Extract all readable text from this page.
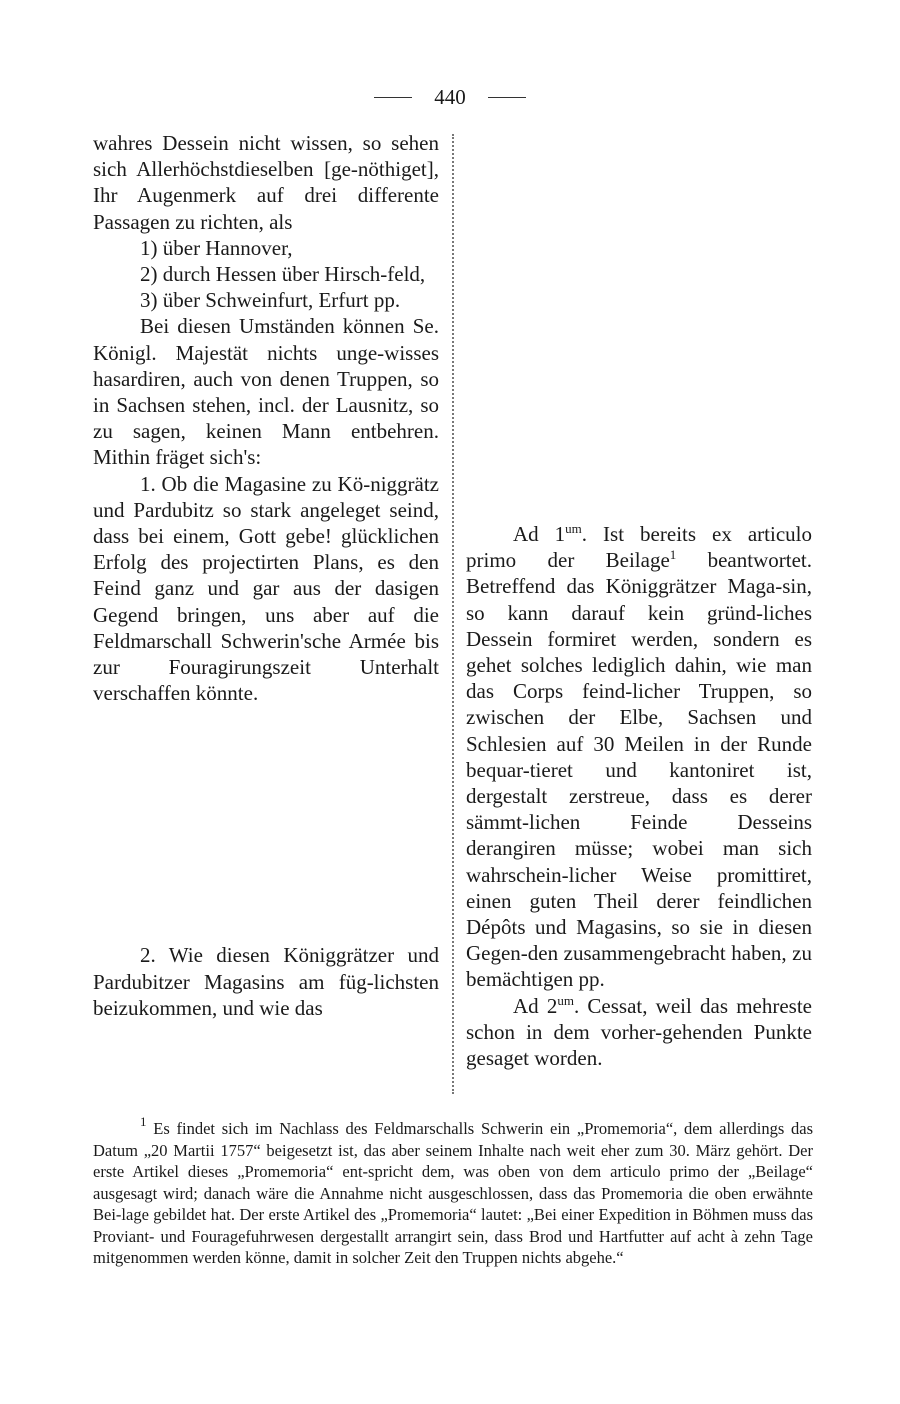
440

wahres Dessein nicht wissen, so sehen sich Allerhöchstdieselben [ge-nöthiget], Ihr Augenmerk auf drei differente Passagen zu richten, als

1) über Hannover,

2) durch Hessen über Hirsch-feld,

3) über Schweinfurt, Erfurt pp.

Bei diesen Umständen können Se. Königl. Majestät nichts unge-wisses hasardiren, auch von denen Truppen, so in Sachsen stehen, incl. der Lausnitz, so zu sagen, keinen Mann entbehren. Mithin fräget sich's:

1. Ob die Magasine zu Kö-niggrätz und Pardubitz so stark angeleget seind, dass bei einem, Gott gebe! glücklichen Erfolg des projectirten Plans, es den Feind ganz und gar aus der dasigen Gegend bringen, uns aber auf die Feldmarschall Schwerin'sche Armée bis zur Fouragirungszeit Unterhalt verschaffen könnte.

2. Wie diesen Königgrätzer und Pardubitzer Magasins am füg-lichsten beizukommen, und wie das

Ad $1^{um}$. Ist bereits ex articulo primo der Beilage$^1$ beantwortet. Betreffend das Königgrätzer Maga-sin, so kann darauf kein gründ-liches Dessein formiret werden, sondern es gehet solches lediglich dahin, wie man das Corps feind-licher Truppen, so zwischen der Elbe, Sachsen und Schlesien auf 30 Meilen in der Runde bequar-tieret und kantoniret ist, dergestalt zerstreue, dass es derer sämmt-lichen Feinde Desseins derangiren müsse; wobei man sich wahrschein-licher Weise promittiret, einen guten Theil derer feindlichen Dépôts und Magasins, so sie in diesen Gegen-den zusammengebracht haben, zu bemächtigen pp.

Ad $2^{um}$. Cessat, weil das mehreste schon in dem vorher-gehenden Punkte gesaget worden.

$^1$ Es findet sich im Nachlass des Feldmarschalls Schwerin ein „Promemoria“, dem allerdings das Datum „20 Martii 1757“ beigesetzt ist, das aber seinem Inhalte nach weit eher zum 30. März gehört. Der erste Artikel dieses „Promemoria“ ent-spricht dem, was oben von dem articulo primo der „Beilage“ ausgesagt wird; danach wäre die Annahme nicht ausgeschlossen, dass das Promemoria die oben erwähnte Bei-lage gebildet hat. Der erste Artikel des „Promemoria“ lautet: „Bei einer Expedition in Böhmen muss das Proviant- und Fouragefuhrwesen dergestallt arrangirt sein, dass Brod und Hartfutter auf acht à zehn Tage mitgenommen werden könne, damit in solcher Zeit den Truppen nichts abgehe.“
